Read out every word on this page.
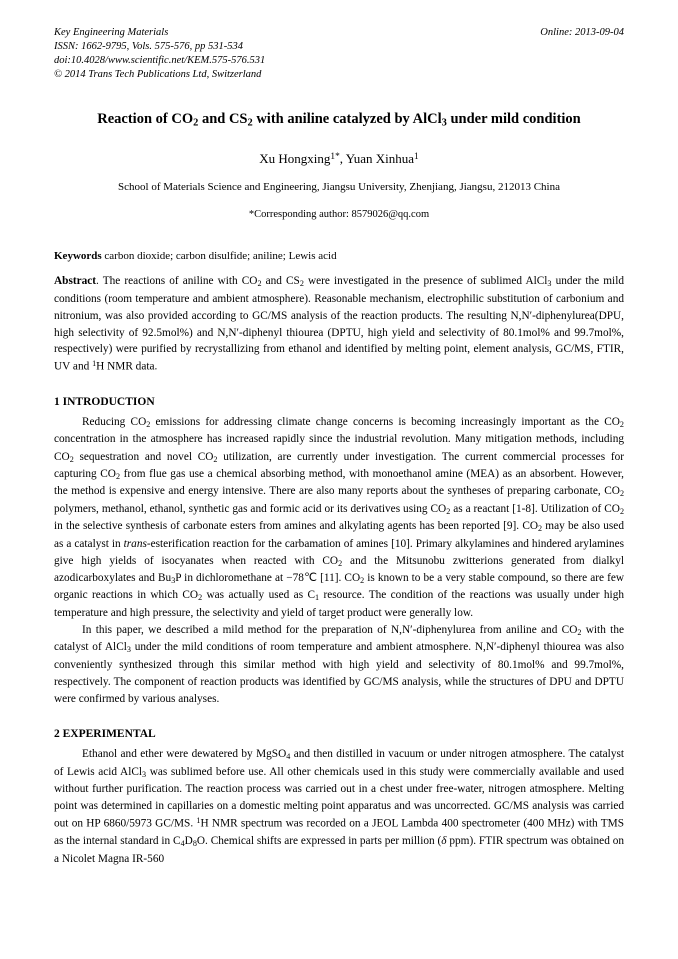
Key Engineering Materials	Online: 2013-09-04
ISSN: 1662-9795, Vols. 575-576, pp 531-534
doi:10.4028/www.scientific.net/KEM.575-576.531
© 2014 Trans Tech Publications Ltd, Switzerland
Reaction of $CO_2$ and $CS_2$ with aniline catalyzed by AlCl$_3$ under mild condition
Xu Hongxing$^{1*}$, Yuan Xinhua$^1$
School of Materials Science and Engineering, Jiangsu University, Zhenjiang, Jiangsu, 212013 China
*Corresponding author: 8579026@qq.com
Keywords carbon dioxide; carbon disulfide; aniline; Lewis acid
Abstract. The reactions of aniline with $CO_2$ and $CS_2$ were investigated in the presence of sublimed AlCl$_3$ under the mild conditions (room temperature and ambient atmosphere). Reasonable mechanism, electrophilic substitution of carbonium and nitronium, was also provided according to GC/MS analysis of the reaction products. The resulting N,N′-diphenylurea(DPU, high selectivity of 92.5mol%) and N,N′-diphenyl thiourea (DPTU, high yield and selectivity of 80.1mol% and 99.7mol%, respectively) were purified by recrystallizing from ethanol and identified by melting point, element analysis, GC/MS, FTIR, UV and $^1$H NMR data.
1 INTRODUCTION

Reducing $CO_2$ emissions for addressing climate change concerns is becoming increasingly important as the $CO_2$ concentration in the atmosphere has increased rapidly since the industrial revolution. Many mitigation methods, including $CO_2$ sequestration and novel $CO_2$ utilization, are currently under investigation. The current commercial processes for capturing $CO_2$ from flue gas use a chemical absorbing method, with monoethanol amine (MEA) as an absorbent. However, the method is expensive and energy intensive. There are also many reports about the syntheses of preparing carbonate, $CO_2$ polymers, methanol, ethanol, synthetic gas and formic acid or its derivatives using $CO_2$ as a reactant [1-8]. Utilization of $CO_2$ in the selective synthesis of carbonate esters from amines and alkylating agents has been reported [9]. $CO_2$ may be also used as a catalyst in trans-esterification reaction for the carbamation of amines [10]. Primary alkylamines and hindered arylamines give high yields of isocyanates when reacted with $CO_2$ and the Mitsunobu zwitterions generated from dialkyl azodicarboxylates and $Bu_3P$ in dichloromethane at −78℃ [11]. $CO_2$ is known to be a very stable compound, so there are few organic reactions in which $CO_2$ was actually used as $C_1$ resource. The condition of the reactions was usually under high temperature and high pressure, the selectivity and yield of target product were generally low.

In this paper, we described a mild method for the preparation of N,N′-diphenylurea from aniline and $CO_2$ with the catalyst of AlCl$_3$ under the mild conditions of room temperature and ambient atmosphere. N,N′-diphenyl thiourea was also conveniently synthesized through this similar method with high yield and selectivity of 80.1mol% and 99.7mol%, respectively. The component of reaction products was identified by GC/MS analysis, while the structures of DPU and DPTU were confirmed by various analyses.

2 EXPERIMENTAL

Ethanol and ether were dewatered by MgSO$_4$ and then distilled in vacuum or under nitrogen atmosphere. The catalyst of Lewis acid AlCl$_3$ was sublimed before use. All other chemicals used in this study were commercially available and used without further purification. The reaction process was carried out in a chest under free-water, nitrogen atmosphere. Melting point was determined in capillaries on a domestic melting point apparatus and was uncorrected. GC/MS analysis was carried out on HP 6860/5973 GC/MS. $^1$H NMR spectrum was recorded on a JEOL Lambda 400 spectrometer (400 MHz) with TMS as the internal standard in $C_4D_8O$. Chemical shifts are expressed in parts per million (δ ppm). FTIR spectrum was obtained on a Nicolet Magna IR-560
